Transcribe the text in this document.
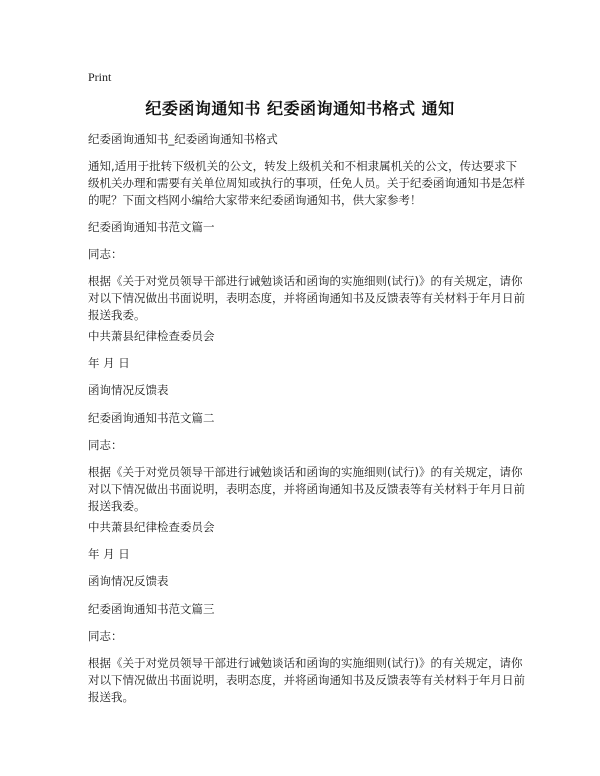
Print
纪委函询通知书 纪委函询通知书格式 通知

纪委函询通知书_纪委函询通知书格式

通知,适用于批转下级机关的公文，转发上级机关和不相隶属机关的公文，传达要求下级机关办理和需要有关单位周知或执行的事项，任免人员。关于纪委函询通知书是怎样的呢？下面文档网小编给大家带来纪委函询通知书，供大家参考！

纪委函询通知书范文篇一

同志：

根据《关于对党员领导干部进行诫勉谈话和函询的实施细则(试行)》的有关规定，请你对以下情况做出书面说明，表明态度，并将函询通知书及反馈表等有关材料于年月日前报送我委。

中共萧县纪律检查委员会

年 月 日

函询情况反馈表

纪委函询通知书范文篇二

同志：

根据《关于对党员领导干部进行诫勉谈话和函询的实施细则(试行)》的有关规定，请你对以下情况做出书面说明，表明态度，并将函询通知书及反馈表等有关材料于年月日前报送我委。

中共萧县纪律检查委员会

年 月 日

函询情况反馈表

纪委函询通知书范文篇三

同志：

根据《关于对党员领导干部进行诫勉谈话和函询的实施细则(试行)》的有关规定，请你对以下情况做出书面说明，表明态度，并将函询通知书及反馈表等有关材料于年月日前报送我。
